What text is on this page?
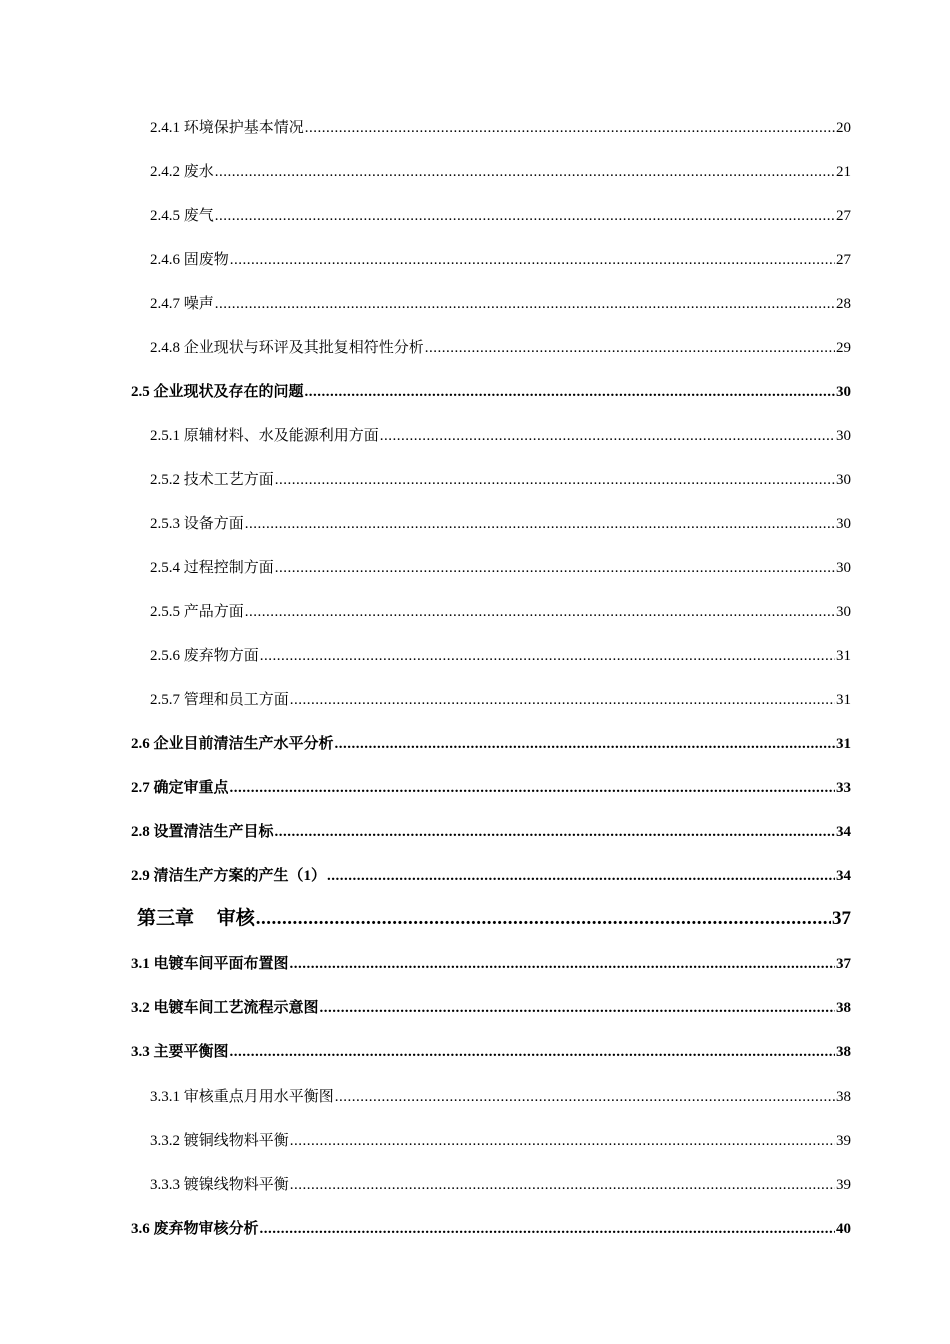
2.4.1 环境保护基本情况 .....	20
2.4.2 废水 .....	21
2.4.5 废气 .....	27
2.4.6 固废物 .....	27
2.4.7 噪声 .....	28
2.4.8 企业现状与环评及其批复相符性分析 .....	29
2.5 企业现状及存在的问题 .....	30
2.5.1 原辅材料、水及能源利用方面 .....	30
2.5.2 技术工艺方面 .....	30
2.5.3 设备方面 .....	30
2.5.4 过程控制方面 .....	30
2.5.5 产品方面 .....	30
2.5.6 废弃物方面 .....	31
2.5.7 管理和员工方面 .....	31
2.6 企业目前清洁生产水平分析 .....	31
2.7 确定审重点 .....	33
2.8 设置清洁生产目标 .....	34
2.9 清洁生产方案的产生（1） .....	34
第三章 审核 .....	37
3.1 电镀车间平面布置图 .....	37
3.2 电镀车间工艺流程示意图 .....	38
3.3 主要平衡图 .....	38
3.3.1 审核重点月用水平衡图 .....	38
3.3.2 镀铜线物料平衡 .....	39
3.3.3 镀镍线物料平衡 .....	39
3.6 废弃物审核分析 .....	40
